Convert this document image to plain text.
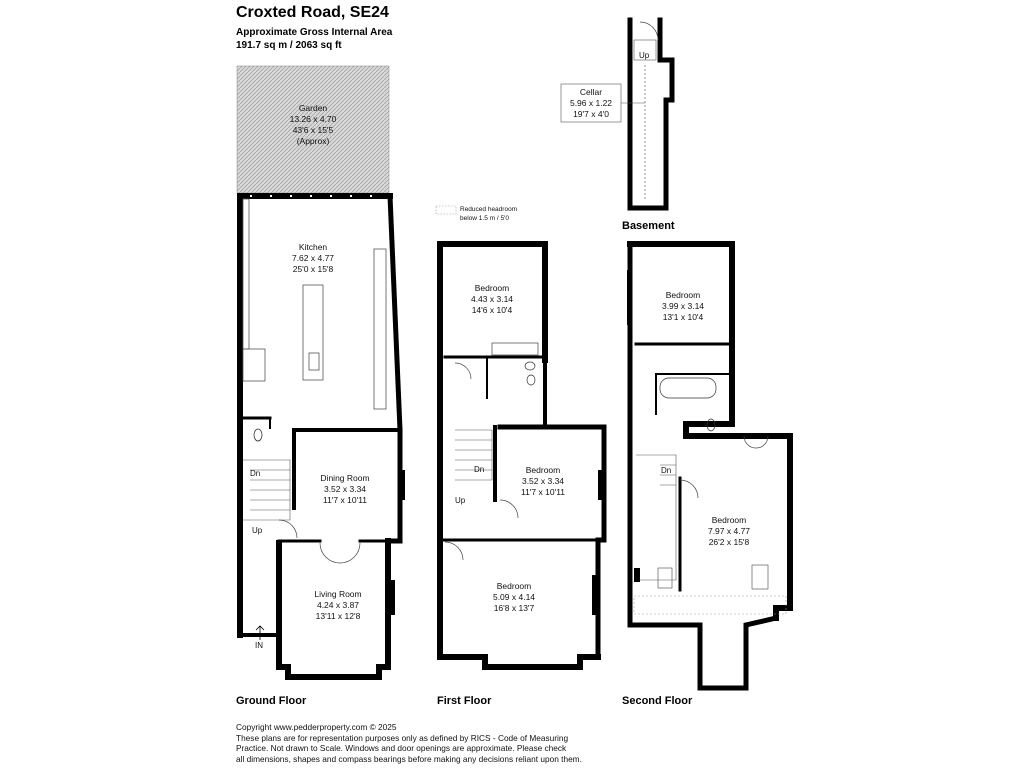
Croxted Road, SE24
Approximate Gross Internal Area
191.7 sq m / 2063 sq ft
Garden
13.26 x 4.70
43'6 x 15'5
(Approx)
Kitchen
7.62 x 4.77
25'0 x 15'8
Dining Room
3.52 x 3.34
11'7 x 10'11
Living Room
4.24 x 3.87
13'11 x 12'8
Dn
Up
IN
Ground Floor
Reduced headroom
below 1.5 m / 5'0
Bedroom
4.43 x 3.14
14'6 x 10'4
Bedroom
3.52 x 3.34
11'7 x 10'11
Bedroom
5.09 x 4.14
16'8 x 13'7
Dn
Up
First Floor
Up
Cellar
5.96 x 1.22
19'7 x 4'0
Basement
Bedroom
3.99 x 3.14
13'1 x 10'4
Bedroom
7.97 x 4.77
26'2 x 15'8
Dn
Second Floor
Copyright www.pedderproperty.com © 2025
These plans are for representation purposes only as defined by RICS - Code of Measuring
Practice. Not drawn to Scale. Windows and door openings are approximate. Please check
all dimensions, shapes and compass bearings before making any decisions reliant upon them.
